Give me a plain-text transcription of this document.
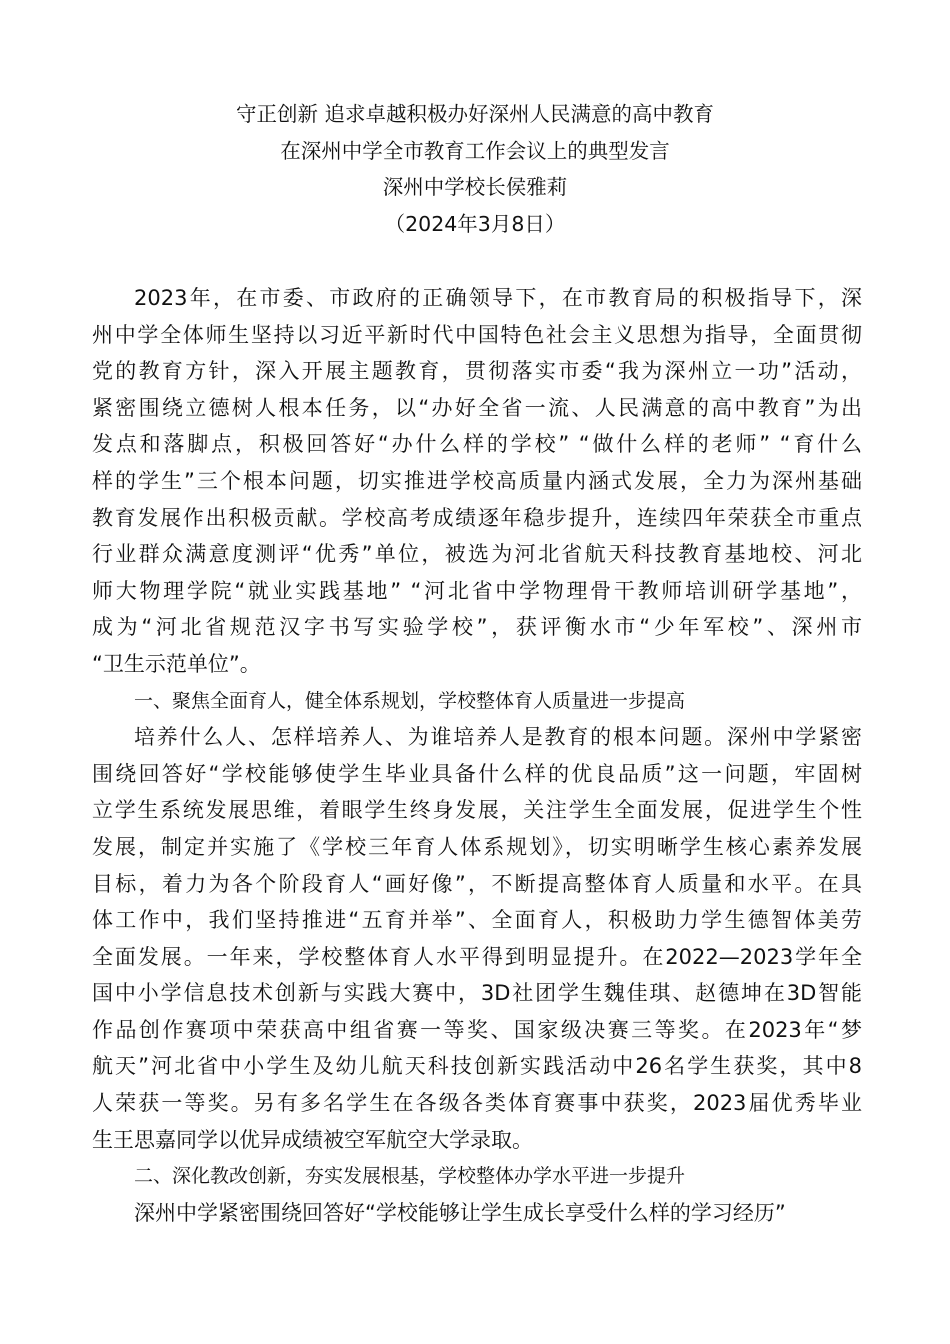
守正创新 追求卓越积极办好深州人民满意的高中教育
在深州中学全市教育工作会议上的典型发言
深州中学校长侯雅莉
（2024年3月8日）
2023年，在市委、市政府的正确领导下，在市教育局的积极指导下，深
州中学全体师生坚持以习近平新时代中国特色社会主义思想为指导，全面贯彻
党的教育方针，深入开展主题教育，贯彻落实市委“我为深州立一功”活动，
紧密围绕立德树人根本任务，以“办好全省一流、人民满意的高中教育”为出
发点和落脚点，积极回答好“办什么样的学校” “做什么样的老师” “育什么
样的学生”三个根本问题，切实推进学校高质量内涵式发展，全力为深州基础
教育发展作出积极贡献。学校高考成绩逐年稳步提升，连续四年荣获全市重点
行业群众满意度测评“优秀”单位，被选为河北省航天科技教育基地校、河北
师大物理学院“就业实践基地” “河北省中学物理骨干教师培训研学基地”，
成为“河北省规范汉字书写实验学校”，获评衡水市“少年军校”、深州市
“卫生示范单位”。
一、聚焦全面育人，健全体系规划，学校整体育人质量进一步提高
培养什么人、怎样培养人、为谁培养人是教育的根本问题。深州中学紧密
围绕回答好“学校能够使学生毕业具备什么样的优良品质”这一问题，牢固树
立学生系统发展思维，着眼学生终身发展，关注学生全面发展，促进学生个性
发展，制定并实施了《学校三年育人体系规划》，切实明晰学生核心素养发展
目标，着力为各个阶段育人“画好像”，不断提高整体育人质量和水平。在具
体工作中，我们坚持推进“五育并举”、全面育人，积极助力学生德智体美劳
全面发展。一年来，学校整体育人水平得到明显提升。在2022—2023学年全
国中小学信息技术创新与实践大赛中，3D社团学生魏佳琪、赵德坤在3D智能
作品创作赛项中荣获高中组省赛一等奖、国家级决赛三等奖。在2023年“梦
航天”河北省中小学生及幼儿航天科技创新实践活动中26名学生获奖，其中8
人荣获一等奖。另有多名学生在各级各类体育赛事中获奖，2023届优秀毕业
生王思嘉同学以优异成绩被空军航空大学录取。
二、深化教改创新，夯实发展根基，学校整体办学水平进一步提升
深州中学紧密围绕回答好“学校能够让学生成长享受什么样的学习经历”
